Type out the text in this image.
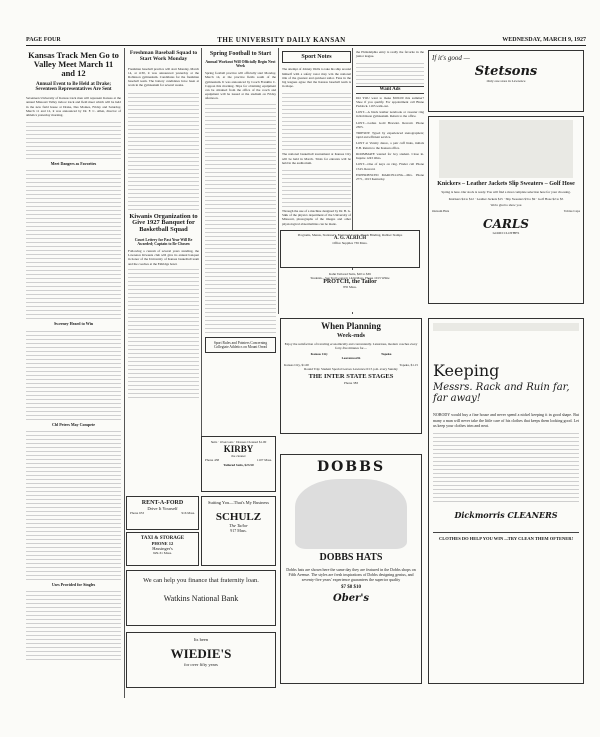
PAGE FOUR	THE UNIVERSITY DAILY KANSAN	WEDNESDAY, MARCH 9, 1927
Kansas Track Men Go to Valley Meet March 11 and 12
Annual Event to Be Held at Drake; Seventeen Representatives Are Sent

Seventeen University of Kansas track men will represent Kansas at the annual Missouri Valley indoor track and field meet which will be held in the new field house at Drake, Des Moines, Friday and Saturday, March 11 and 12, it was announced by Dr. F. C. Allen, director of athletics yesterday morning.

Meet Dangers as Favorites
Sweeney Heard to Win
Cbl Peters May Compete
Uses Provided for Singles
Freshman Baseball Squad to Start Work Monday

Freshman baseball practice will start Monday, March 14, at 4:30, it was announced yesterday at the Robinson gymnasium. Candidates for the freshman baseball team. The battery candidates have been at work in the gymnasium for several weeks.

Kiwanis Organization to Give 1927 Banquet for Basketball Squad
Court Lettery for Past Year Will Be Awarded; Captain to Be Chosen

Following a custom of several years standing, the Lawrence Kiwanis club will give its annual banquet in honor of the University of Kansas basketball team and the coaches at the Eldridge hotel.

Spring Football to Start
Annual Workout Will Officially Begin Next Week

Spring football practice will officially start Monday, March 14, at the practice fields south of the gymnasium. It was announced by Coach Franklin C. Cappon this morning. Slips for obtaining equipment can be obtained from the office of the coach and equipment will be issued at the stadium on Friday afternoon.

Sport Rules and Pointers Concerning Collegiate Athletics on Mount Oread
Sport Notes

The attempt of Johnny Wells to take his ship around himself with a safety razor may win the national title of the greatest and quickest sailor. Fans in the big leagues agree that the Kansas baseball team is in shape.

The national basketball tournament at Kansas City will be held in March. Trials for entrants will be held in the auditorium.

Through the use of a machine designed by Dr. B. G. Sikk of the physics department of the University of Missouri, photographs of the images and other physiological abnormalities can be made.

the Philadelphia entry is really the favorite in the junior league.

Want Ads

DO YOU want to make $500.00 this summer? Shoe if you qualify. For appointment call Blane Paddock. 1165 walk-out.

LOST—A black leather notebook or sweater ring in Robinson gymnasium. Return to the office.

LOST—Ladies Gold Bracelet. Reward. Phone 2305.

TRIESDT: Typed by experienced stenographers; rapid and efficient service.

LOST at Varsity dance, a pair cuff links, initials E.B. Return to the Kansan office.

ROOMMATE wanted for boy student. Close in. Inquire 1243 Ohio.

LOST—One of keys on ring. Finder call Phone 1543. Reward.

EXPERIENCED MARCELLING—Mrs. Phone 2771, 1013 Kentucky.

Programs, Menus, Stationery, Engraved Cards, Thesis Binding, Rubber Stamps
A. G. ALRICH
Office Supplies 736 Mass.
Kahn Tailored Suits, $20 to $65
Students—See Ted Leonard, 1423 Mass. Phone 1013 White
PROTCH, the Tailor
835 Mass.
If it's good —
Stetsons
Only one store in Lawrence
Knickers – Leather Jackets Slip Sweaters – Golf Hose
Spring is here. Our stock is ready. You will find a most complete selection here for your choosing.
Knickers $4 to $12 · Leather Jackets $15 · Slip Sweaters $3 to $9 · Golf Hose $2 to $5
We're glad to show you
Outsam Hats	Tobias Caps
CARLS
GOOD CLOTHES
When Planning
Week-ends
Enjoy the satisfaction of traveling economically and conveniently. Luxurious, modern coaches every forty-five minutes for—
Kansas City	Topeka
Leavenworth
Kansas City, $1.00	Topeka, $1.15
Round Trip: Student Special Leaves Lawrence 6:15 p.m. every Sunday
THE INTER STATE STAGES
Phone 383
DOBBS
DOBBS HATS
Dobbs hats are shown here the same day they are featured in the Dobbs shops on Fifth Avenue. The styles are fresh inspirations of Dobbs designing genius, and seventy-five years' experience guarantees the superior quality
$7 $8 $10
Ober's
Keeping
Messrs. Rack and Ruin far, far away!
NOBODY would buy a fine house and never spend a nickel keeping it in good shape. But many a man will never take the little care of his clothes that keeps them looking good. Let us keep your clothes trim and neat.
Dickmorris CLEANERS
CLOTHES DO HELP YOU WIN ...TRY CLEAN THEM OFTENER!
We can help you finance that fraternity loan.
Watkins National Bank
Its been
WIEDIE'S
for over fifty years
Suits · Overcoats · Dresses Cleaned $1.00
KIRBY
the cleaner
Phone 438	1107 Mass.
Tailored Suits, $23.50
Suiting You—That's My Business
SCHULZ
The Tailor
917 Mass.
RENT-A-FORD
Drive It Yourself
Phone 653	916 Mass.
TAXI & STORAGE
PHONE 12
Hassinger's
929-31 Mass.
